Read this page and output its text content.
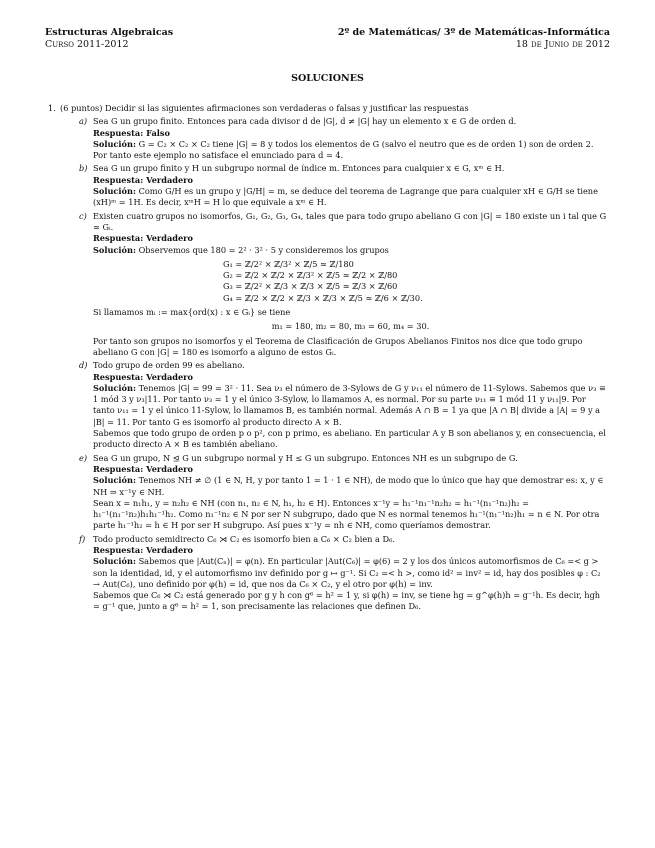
Estructuras Algebraicas
Curso 2011-2012
2º de Matemáticas/ 3º de Matemáticas-Informática
18 de Junio de 2012
SOLUCIONES
1. (6 puntos) Decidir si las siguientes afirmaciones son verdaderas o falsas y justificar las respuestas

a) Sea G un grupo finito. Entonces para cada divisor d de |G|, d ≠ |G| hay un elemento x ∈ G de orden d.

Respuesta: Falso

Solución: G = C₂ × C₂ × C₂ tiene |G| = 8 y todos los elementos de G (salvo el neutro que es de orden 1) son de orden 2. Por tanto este ejemplo no satisface el enunciado para d = 4.

b) Sea G un grupo finito y H un subgrupo normal de índice m. Entonces para cualquier x ∈ G, xᵐ ∈ H.

Respuesta: Verdadero

Solución: Como G/H es un grupo y |G/H| = m, se deduce del teorema de Lagrange que para cualquier xH ∈ G/H se tiene (xH)ᵐ = 1H. Es decir, xᵐH = H lo que equivale a xᵐ ∈ H.

c) Existen cuatro grupos no isomorfos, G₁, G₂, G₃, G₄, tales que para todo grupo abeliano G con |G| = 180 existe un i tal que G ≃ Gᵢ.

Respuesta: Verdadero

Solución: Observemos que 180 = 2² · 3² · 5 y consideremos los grupos

G₁ = ℤ/2² × ℤ/3² × ℤ/5 ≃ ℤ/180
G₂ = ℤ/2 × ℤ/2 × ℤ/3² × ℤ/5 ≃ ℤ/2 × ℤ/80
G₃ = ℤ/2² × ℤ/3 × ℤ/3 × ℤ/5 ≃ ℤ/3 × ℤ/60
G₄ = ℤ/2 × ℤ/2 × ℤ/3 × ℤ/3 × ℤ/5 ≃ ℤ/6 × ℤ/30.

Si llamamos mᵢ := max{ord(x) : x ∈ Gᵢ} se tiene

m₁ = 180, m₂ = 80, m₃ = 60, m₄ = 30.

Por tanto son grupos no isomorfos y el Teorema de Clasificación de Grupos Abelianos Finitos nos dice que todo grupo abeliano G con |G| = 180 es isomorfo a alguno de estos Gᵢ.

d) Todo grupo de orden 99 es abeliano.

Respuesta: Verdadero

Solución: Tenemos |G| = 99 = 3² · 11. Sea ν₃ el número de 3-Sylows de G y ν₁₁ el número de 11-Sylows. Sabemos que ν₃ ≡ 1 mód 3 y ν₃|11. Por tanto ν₃ = 1 y el único 3-Sylow, lo llamamos A, es normal. Por su parte ν₁₁ ≡ 1 mód 11 y ν₁₁|9. Por tanto ν₁₁ = 1 y el único 11-Sylow, lo llamamos B, es también normal. Además A ∩ B = 1 ya que |A ∩ B| divide a |A| = 9 y a |B| = 11. Por tanto G es isomorfo al producto directo A × B.

Sabemos que todo grupo de orden p o p², con p primo, es abeliano. En particular A y B son abelianos y, en consecuencia, el producto directo A × B es también abeliano.

e) Sea G un grupo, N ⊴ G un subgrupo normal y H ≤ G un subgrupo. Entonces NH es un subgrupo de G.

Respuesta: Verdadero

Solución: Tenemos NH ≠ ∅ (1 ∈ N, H, y por tanto 1 = 1 · 1 ∈ NH), de modo que lo único que hay que demostrar es: x, y ∈ NH ⇒ x⁻¹y ∈ NH.

Sean x = n₁h₁, y = n₂h₂ ∈ NH (con n₁, n₂ ∈ N, h₁, h₂ ∈ H). Entonces x⁻¹y = h₁⁻¹n₁⁻¹n₂h₂ = h₁⁻¹(n₁⁻¹n₂)h₂ = h₁⁻¹(n₁⁻¹n₂)h₁h₁⁻¹h₂. Como n₁⁻¹n₂ ∈ N por ser N subgrupo, dado que N es normal tenemos h₁⁻¹(n₁⁻¹n₂)h₁ = n ∈ N. Por otra parte h₁⁻¹h₂ = h ∈ H por ser H subgrupo. Así pues x⁻¹y = nh ∈ NH, como queríamos demostrar.

f) Todo producto semidirecto C₆ ⋊ C₂ es isomorfo bien a C₆ × C₂ bien a D₆.

Respuesta: Verdadero

Solución: Sabemos que |Aut(Cₙ)| = φ(n). En particular |Aut(C₆)| = φ(6) = 2 y los dos únicos automorfismos de C₆ =< g > son la identidad, id, y el automorfismo inv definido por g ↦ g⁻¹. Si C₂ =< h >, como id² = inv² = id, hay dos posibles φ : C₂ → Aut(C₆), uno definido por φ(h) = id, que nos da C₆ × C₂, y el otro por φ(h) = inv.

Sabemos que C₆ ⋊ C₂ está generado por g y h con g⁶ = h² = 1 y, si φ(h) = inv, se tiene hg = g^φ(h)h = g⁻¹h. Es decir, hgh = g⁻¹ que, junto a g⁶ = h² = 1, son precisamente las relaciones que definen D₆.
